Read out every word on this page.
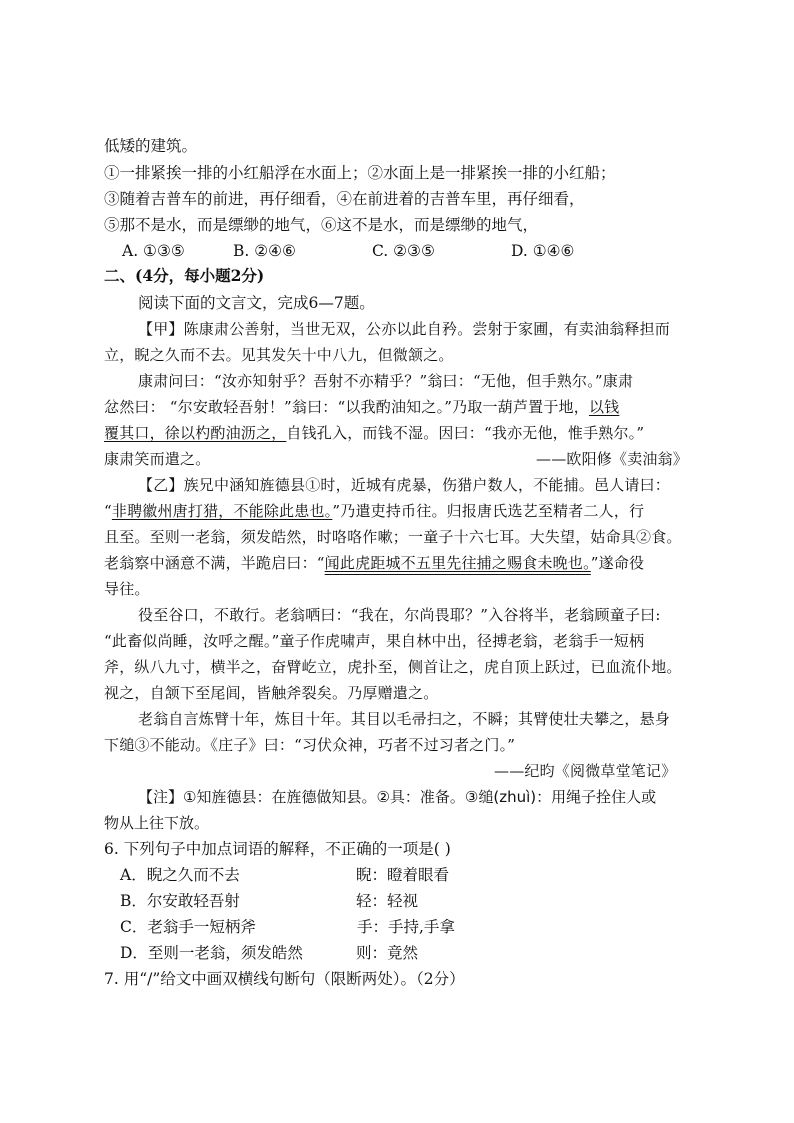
低矮的建筑。
①一排紧挨一排的小红船浮在水面上；②水面上是一排紧挨一排的小红船；
③随着吉普车的前进，再仔细看，④在前进着的吉普车里，再仔细看，
⑤那不是水，而是缥缈的地气，⑥这不是水，而是缥缈的地气，
A. ①③⑤	B. ②④⑥	C. ②③⑤	D. ①④⑥
二、(4分，每小题2分)
阅读下面的文言文，完成6—7题。
【甲】陈康肃公善射，当世无双，公亦以此自矜。尝射于家圃，有卖油翁释担而
立，睨之久而不去。见其发矢十中八九，但微颔之。
康肃问曰：“汝亦知射乎？吾射不亦精乎？”翁曰：“无他，但手熟尔。”康肃
忿然曰： “尔安敢轻吾射！”翁曰：“以我酌油知之。”乃取一葫芦置于地，以钱
覆其口，徐以杓酌油沥之，自钱孔入，而钱不湿。因曰：“我亦无他，惟手熟尔。”
康肃笑而遣之。	——欧阳修《卖油翁》
【乙】族兄中涵知旌德县①时，近城有虎暴，伤猎户数人，不能捕。邑人请曰：
“非聘徽州唐打猎，不能除此患也。”乃遣吏持币往。归报唐氏选艺至精者二人，行
且至。至则一老翁，须发皓然，时咯咯作嗽；一童子十六七耳。大失望，姑命具②食。
老翁察中涵意不满，半跪启曰：“闻此虎距城不五里先往捕之赐食未晚也。”遂命役
导往。
役至谷口，不敢行。老翁哂曰：“我在，尔尚畏耶？”入谷将半，老翁顾童子曰:
“此畜似尚睡，汝呼之醒。”童子作虎啸声，果自林中出，径搏老翁，老翁手一短柄
斧，纵八九寸，横半之，奋臂屹立，虎扑至，侧首让之，虎自顶上跃过，已血流仆地。
视之，自颔下至尾闾，皆触斧裂矣。乃厚赠遣之。
老翁自言炼臂十年，炼目十年。其目以毛帚扫之，不瞬；其臂使壮夫攀之，悬身
下缒③不能动。《庄子》曰：“习伏众神，巧者不过习者之门。”
——纪昀《阅微草堂笔记》
【注】①知旌德县：在旌德做知县。②具：准备。③缒(zhuì)：用绳子拴住人或
物从上往下放。
6. 下列句子中加点词语的解释，不正确的一项是( )
A．睨之久而不去	睨：瞪着眼看
B．尔安敢轻吾射	轻：轻视
C．老翁手一短柄斧	手：手持,手拿
D．至则一老翁，须发皓然	则：竟然
7. 用“/”给文中画双横线句断句（限断两处）。（2分）
